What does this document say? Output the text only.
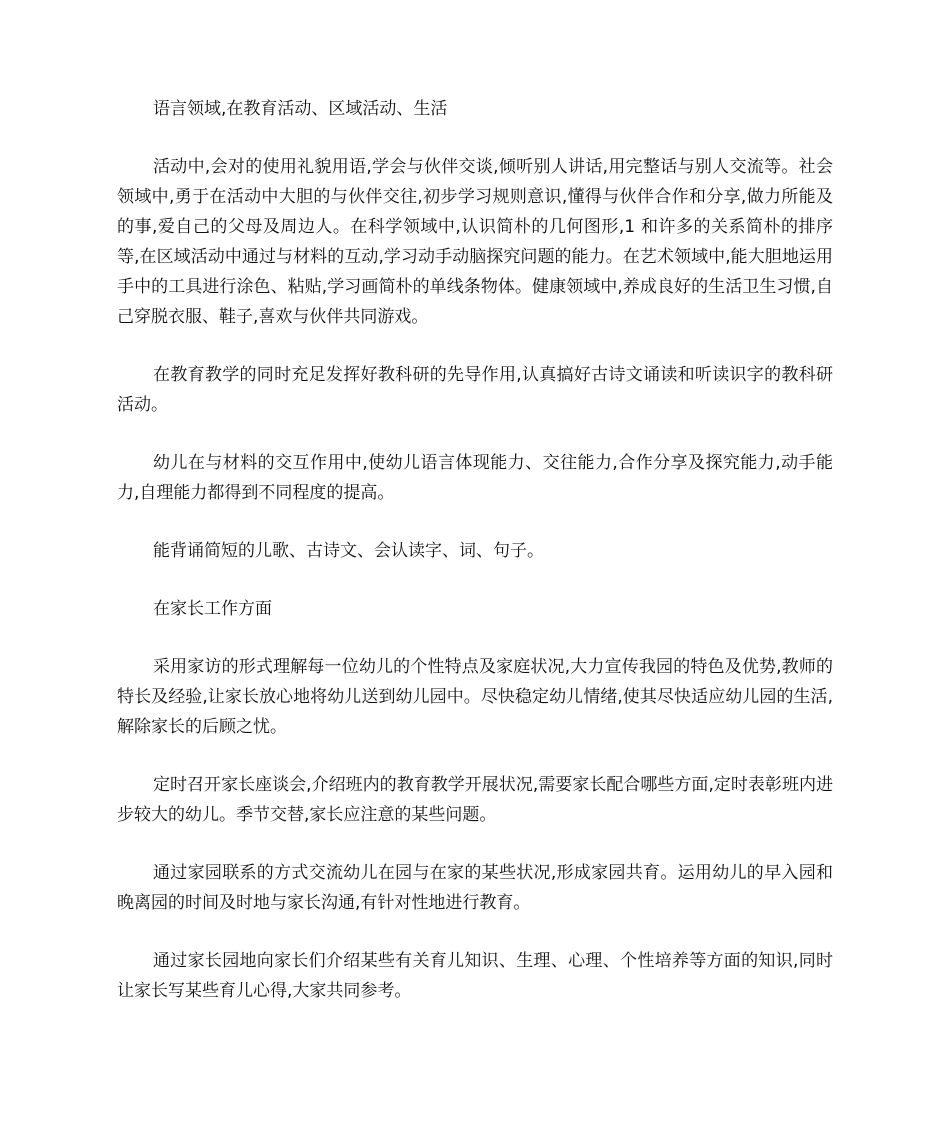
语言领域,在教育活动、区域活动、生活

活动中,会对的使用礼貌用语,学会与伙伴交谈,倾听别人讲话,用完整话与别人交流等。社会领域中,勇于在活动中大胆的与伙伴交往,初步学习规则意识,懂得与伙伴合作和分享,做力所能及的事,爱自己的父母及周边人。在科学领域中,认识简朴的几何图形,1 和许多的关系简朴的排序等,在区域活动中通过与材料的互动,学习动手动脑探究问题的能力。在艺术领域中,能大胆地运用手中的工具进行涂色、粘贴,学习画简朴的单线条物体。健康领域中,养成良好的生活卫生习惯,自己穿脱衣服、鞋子,喜欢与伙伴共同游戏。

在教育教学的同时充足发挥好教科研的先导作用,认真搞好古诗文诵读和听读识字的教科研活动。

幼儿在与材料的交互作用中,使幼儿语言体现能力、交往能力,合作分享及探究能力,动手能力,自理能力都得到不同程度的提高。

能背诵简短的儿歌、古诗文、会认读字、词、句子。

在家长工作方面

采用家访的形式理解每一位幼儿的个性特点及家庭状况,大力宣传我园的特色及优势,教师的特长及经验,让家长放心地将幼儿送到幼儿园中。尽快稳定幼儿情绪,使其尽快适应幼儿园的生活,解除家长的后顾之忧。

定时召开家长座谈会,介绍班内的教育教学开展状况,需要家长配合哪些方面,定时表彰班内进步较大的幼儿。季节交替,家长应注意的某些问题。

通过家园联系的方式交流幼儿在园与在家的某些状况,形成家园共育。运用幼儿的早入园和晚离园的时间及时地与家长沟通,有针对性地进行教育。

通过家长园地向家长们介绍某些有关育儿知识、生理、心理、个性培养等方面的知识,同时让家长写某些育儿心得,大家共同参考。
